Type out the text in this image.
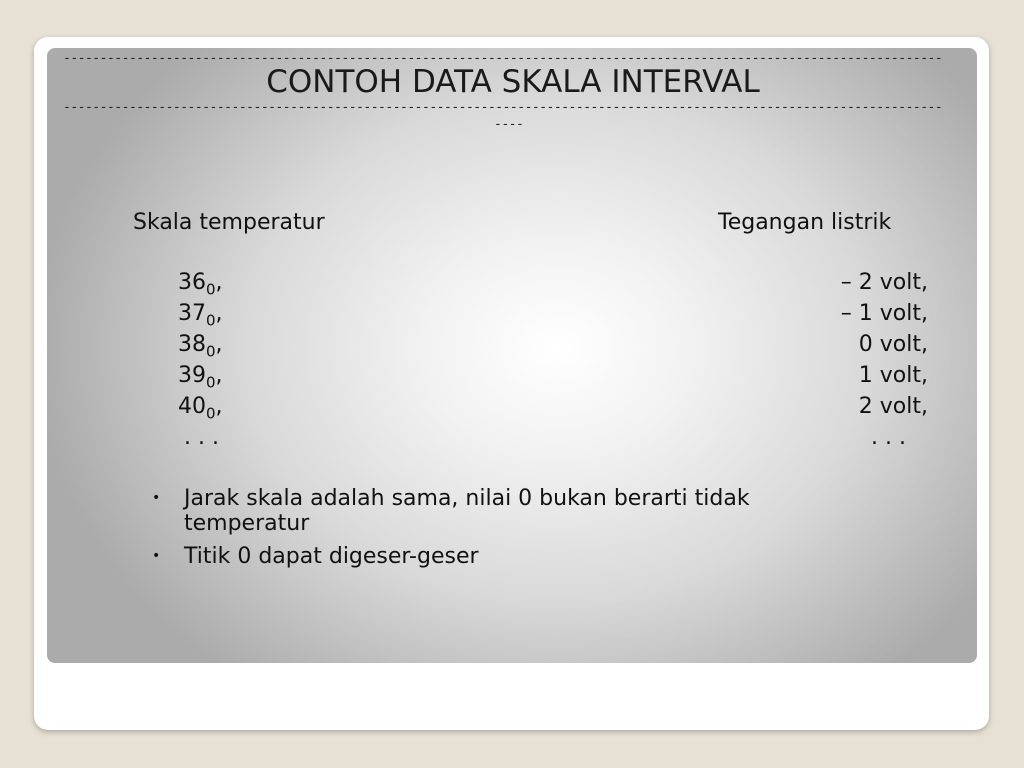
------------------------------------------------------------------------------------------------------------------------
CONTOH DATA SKALA INTERVAL
------------------------------------------------------------------------------------------------------------------------
----
Skala temperatur	Tegangan listrik
$36_0$,
$37_0$,
$38_0$,
$39_0$,
$40_0$,
. . .
– 2 volt,
– 1 volt,
0 volt,
1 volt,
2 volt,
. . .
• Jarak skala adalah sama, nilai 0 bukan berarti tidak temperatur
• Titik 0 dapat digeser-geser
